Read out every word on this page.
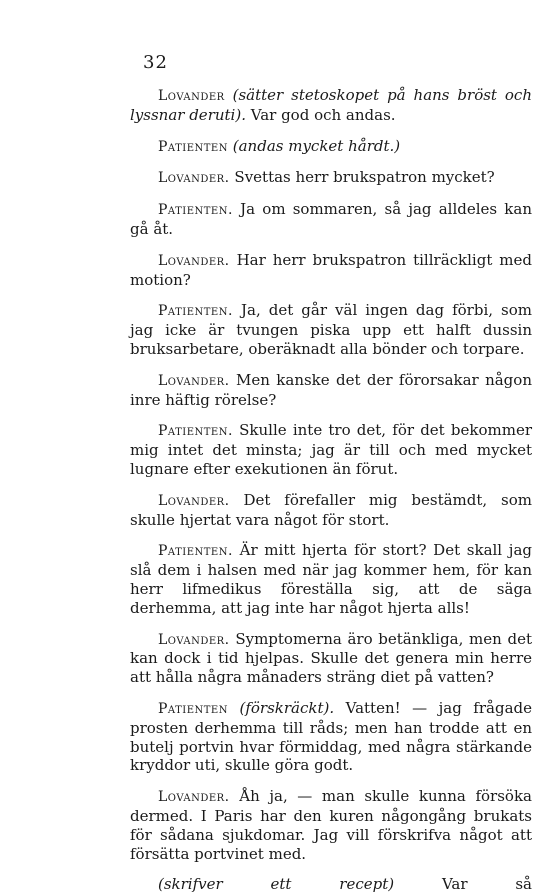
32

Lovander (sätter stetoskopet på hans bröst och lyssnar deruti). Var god och andas.

Patienten (andas mycket hårdt.)

Lovander. Svettas herr brukspatron mycket?

Patienten. Ja om sommaren, så jag alldeles kan gå åt.

Lovander. Har herr brukspatron tillräckligt med motion?

Patienten. Ja, det går väl ingen dag förbi, som jag icke är tvungen piska upp ett halft dussin bruksarbetare, oberäknadt alla bönder och torpare.

Lovander. Men kanske det der förorsakar någon inre häftig rörelse?

Patienten. Skulle inte tro det, för det bekommer mig intet det minsta; jag är till och med mycket lugnare efter exekutionen än förut.

Lovander. Det förefaller mig bestämdt, som skulle hjertat vara något för stort.

Patienten. Är mitt hjerta för stort? Det skall jag slå dem i halsen med när jag kommer hem, för kan herr lifmedikus föreställa sig, att de säga derhemma, att jag inte har något hjerta alls!

Lovander. Symptomerna äro betänkliga, men det kan dock i tid hjelpas. Skulle det genera min herre att hålla några månaders sträng diet på vatten?

Patienten (förskräckt). Vatten! — jag frågade prosten derhemma till råds; men han trodde att en butelj portvin hvar förmiddag, med några stärkande kryddor uti, skulle göra godt.

Lovander. Åh ja, — man skulle kunna försöka dermed. I Paris har den kuren någongång brukats för sådana sjukdomar. Jag vill förskrifva något att försätta portvinet med.

(skrifver ett recept) Var så
